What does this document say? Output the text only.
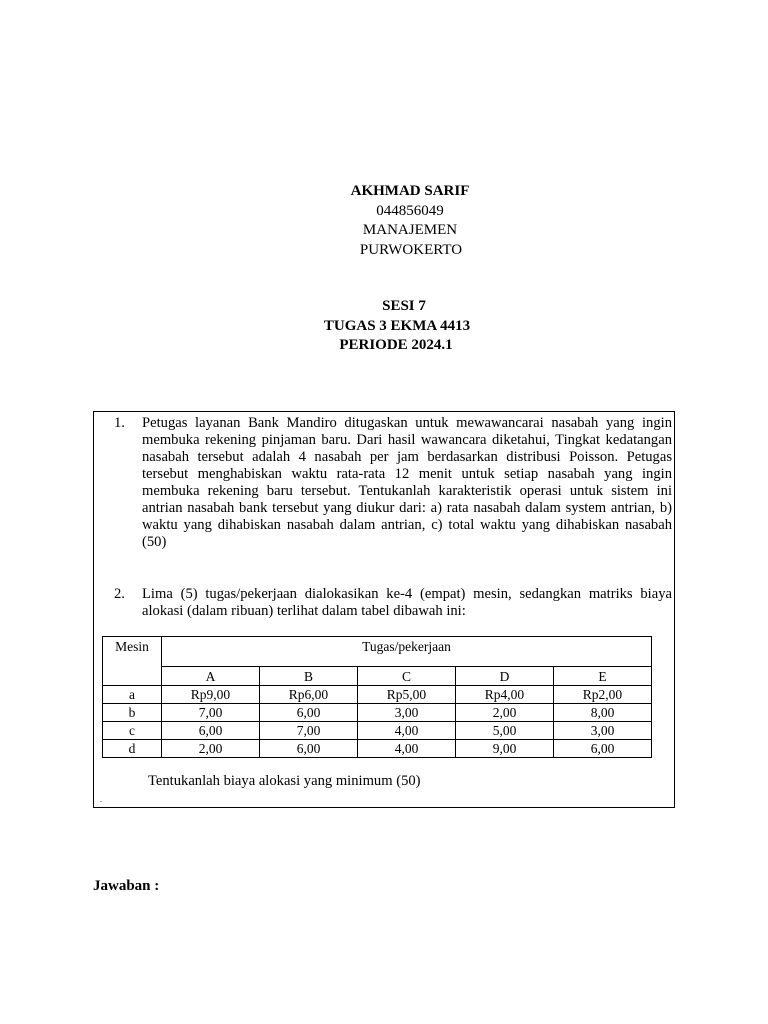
AKHMAD SARIF
044856049
MANAJEMEN
PURWOKERTO
SESI 7
TUGAS 3 EKMA 4413
PERIODE 2024.1
1. Petugas layanan Bank Mandiro ditugaskan untuk mewawancarai nasabah yang ingin membuka rekening pinjaman baru. Dari hasil wawancara diketahui, Tingkat kedatangan nasabah tersebut adalah 4 nasabah per jam berdasarkan distribusi Poisson. Petugas tersebut menghabiskan waktu rata-rata 12 menit untuk setiap nasabah yang ingin membuka rekening baru tersebut. Tentukanlah karakteristik operasi untuk sistem ini antrian nasabah bank tersebut yang diukur dari: a) rata nasabah dalam system antrian, b) waktu yang dihabiskan nasabah dalam antrian, c) total waktu yang dihabiskan nasabah (50)
2. Lima (5) tugas/pekerjaan dialokasikan ke-4 (empat) mesin, sedangkan matriks biaya alokasi (dalam ribuan) terlihat dalam tabel dibawah ini:
Mesin	Tugas/pekerjaan				
	A	B	C	D	E
a	Rp9,00	Rp6,00	Rp5,00	Rp4,00	Rp2,00
b	7,00	6,00	3,00	2,00	8,00
c	6,00	7,00	4,00	5,00	3,00
d	2,00	6,00	4,00	9,00	6,00
Tentukanlah biaya alokasi yang minimum (50)
.
Jawaban :
